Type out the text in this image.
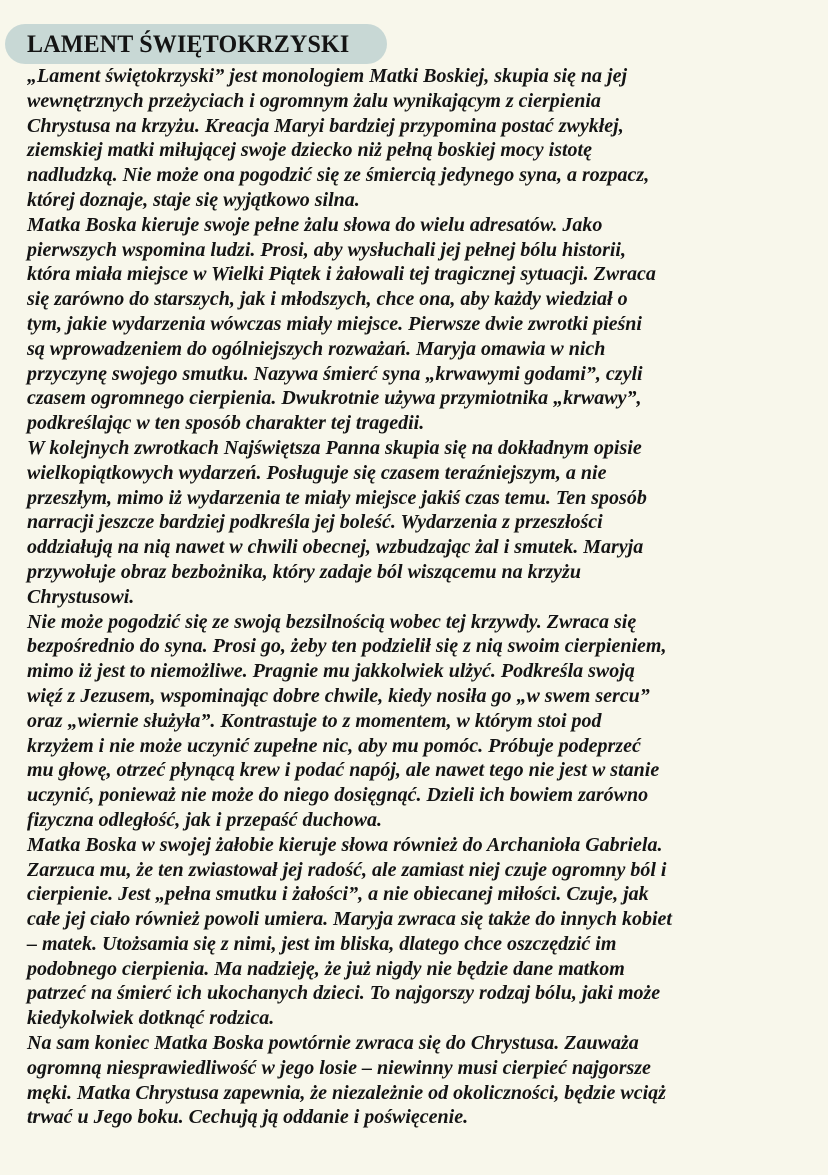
LAMENT ŚWIĘTOKRZYSKI
„Lament świętokrzyski” jest monologiem Matki Boskiej, skupia się na jej
wewnętrznych przeżyciach i ogromnym żalu wynikającym z cierpienia
Chrystusa na krzyżu. Kreacja Maryi bardziej przypomina postać zwykłej,
ziemskiej matki miłującej swoje dziecko niż pełną boskiej mocy istotę
nadludzką. Nie może ona pogodzić się ze śmiercią jedynego syna, a rozpacz,
której doznaje, staje się wyjątkowo silna.
Matka Boska kieruje swoje pełne żalu słowa do wielu adresatów. Jako
pierwszych wspomina ludzi. Prosi, aby wysłuchali jej pełnej bólu historii,
która miała miejsce w Wielki Piątek i żałowali tej tragicznej sytuacji. Zwraca
się zarówno do starszych, jak i młodszych, chce ona, aby każdy wiedział o
tym, jakie wydarzenia wówczas miały miejsce. Pierwsze dwie zwrotki pieśni
są wprowadzeniem do ogólniejszych rozważań. Maryja omawia w nich
przyczynę swojego smutku. Nazywa śmierć syna „krwawymi godami”, czyli
czasem ogromnego cierpienia. Dwukrotnie używa przymiotnika „krwawy”,
podkreślając w ten sposób charakter tej tragedii.
W kolejnych zwrotkach Najświętsza Panna skupia się na dokładnym opisie
wielkopiątkowych wydarzeń. Posługuje się czasem teraźniejszym, a nie
przeszłym, mimo iż wydarzenia te miały miejsce jakiś czas temu. Ten sposób
narracji jeszcze bardziej podkreśla jej boleść. Wydarzenia z przeszłości
oddziałują na nią nawet w chwili obecnej, wzbudzając żal i smutek. Maryja
przywołuje obraz bezbożnika, który zadaje ból wiszącemu na krzyżu
Chrystusowi.
Nie może pogodzić się ze swoją bezsilnością wobec tej krzywdy. Zwraca się
bezpośrednio do syna. Prosi go, żeby ten podzielił się z nią swoim cierpieniem,
mimo iż jest to niemożliwe. Pragnie mu jakkolwiek ulżyć. Podkreśla swoją
więź z Jezusem, wspominając dobre chwile, kiedy nosiła go „w swem sercu”
oraz „wiernie służyła”. Kontrastuje to z momentem, w którym stoi pod
krzyżem i nie może uczynić zupełne nic, aby mu pomóc. Próbuje podeprzeć
mu głowę, otrzeć płynącą krew i podać napój, ale nawet tego nie jest w stanie
uczynić, ponieważ nie może do niego dosięgnąć. Dzieli ich bowiem zarówno
fizyczna odległość, jak i przepaść duchowa.
Matka Boska w swojej żałobie kieruje słowa również do Archanioła Gabriela.
Zarzuca mu, że ten zwiastował jej radość, ale zamiast niej czuje ogromny ból i
cierpienie. Jest „pełna smutku i żałości”, a nie obiecanej miłości. Czuje, jak
całe jej ciało również powoli umiera. Maryja zwraca się także do innych kobiet
– matek. Utożsamia się z nimi, jest im bliska, dlatego chce oszczędzić im
podobnego cierpienia. Ma nadzieję, że już nigdy nie będzie dane matkom
patrzeć na śmierć ich ukochanych dzieci. To najgorszy rodzaj bólu, jaki może
kiedykolwiek dotknąć rodzica.
Na sam koniec Matka Boska powtórnie zwraca się do Chrystusa. Zauważa
ogromną niesprawiedliwość w jego losie – niewinny musi cierpieć najgorsze
męki. Matka Chrystusa zapewnia, że niezależnie od okoliczności, będzie wciąż
trwać u Jego boku. Cechują ją oddanie i poświęcenie.
